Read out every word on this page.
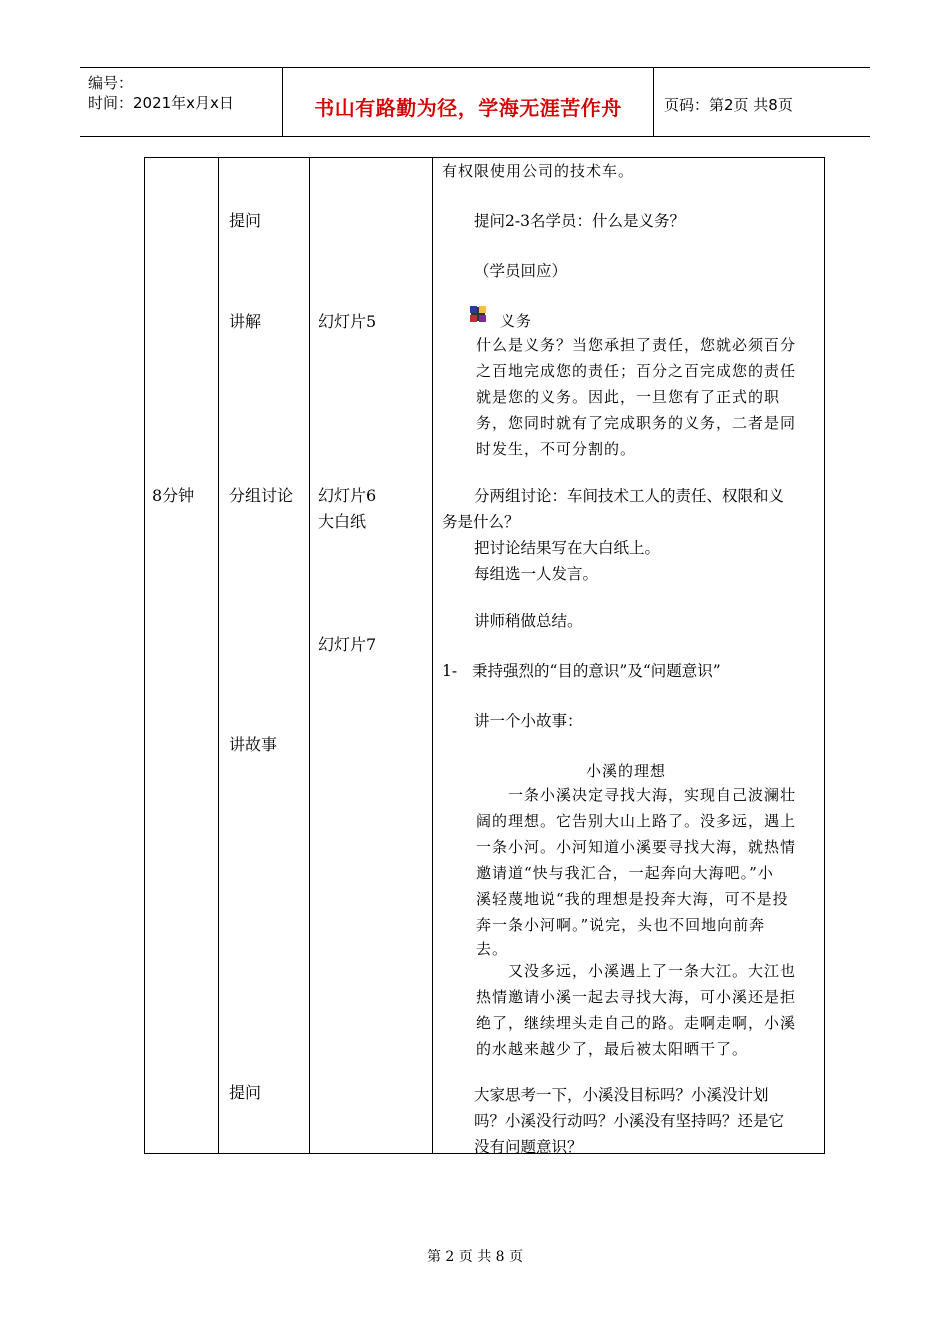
编号：
时间：2021年x月x日	书山有路勤为径，学海无涯苦作舟	页码：第2页 共8页
8分钟
提问
讲解
分组讨论
讲故事
提问
幻灯片5
幻灯片6
大白纸
幻灯片7
有权限使用公司的技术车。
提问2-3名学员：什么是义务？
（学员回应）
义务
什么是义务？当您承担了责任，您就必须百分
之百地完成您的责任；百分之百完成您的责任
就是您的义务。因此，一旦您有了正式的职
务，您同时就有了完成职务的义务，二者是同
时发生，不可分割的。
分两组讨论：车间技术工人的责任、权限和义
务是什么？
把讨论结果写在大白纸上。
每组选一人发言。
讲师稍做总结。
1- 秉持强烈的“目的意识”及“问题意识”
讲一个小故事：
小溪的理想
一条小溪决定寻找大海，实现自己波澜壮
阔的理想。它告别大山上路了。没多远，遇上
一条小河。小河知道小溪要寻找大海，就热情
邀请道“快与我汇合，一起奔向大海吧。”小
溪轻蔑地说“我的理想是投奔大海，可不是投
奔一条小河啊。”说完，头也不回地向前奔
去。
又没多远，小溪遇上了一条大江。大江也
热情邀请小溪一起去寻找大海，可小溪还是拒
绝了，继续埋头走自己的路。走啊走啊，小溪
的水越来越少了，最后被太阳晒干了。
大家思考一下，小溪没目标吗？小溪没计划
吗？小溪没行动吗？小溪没有坚持吗？还是它
没有问题意识？
第 2 页 共 8 页
